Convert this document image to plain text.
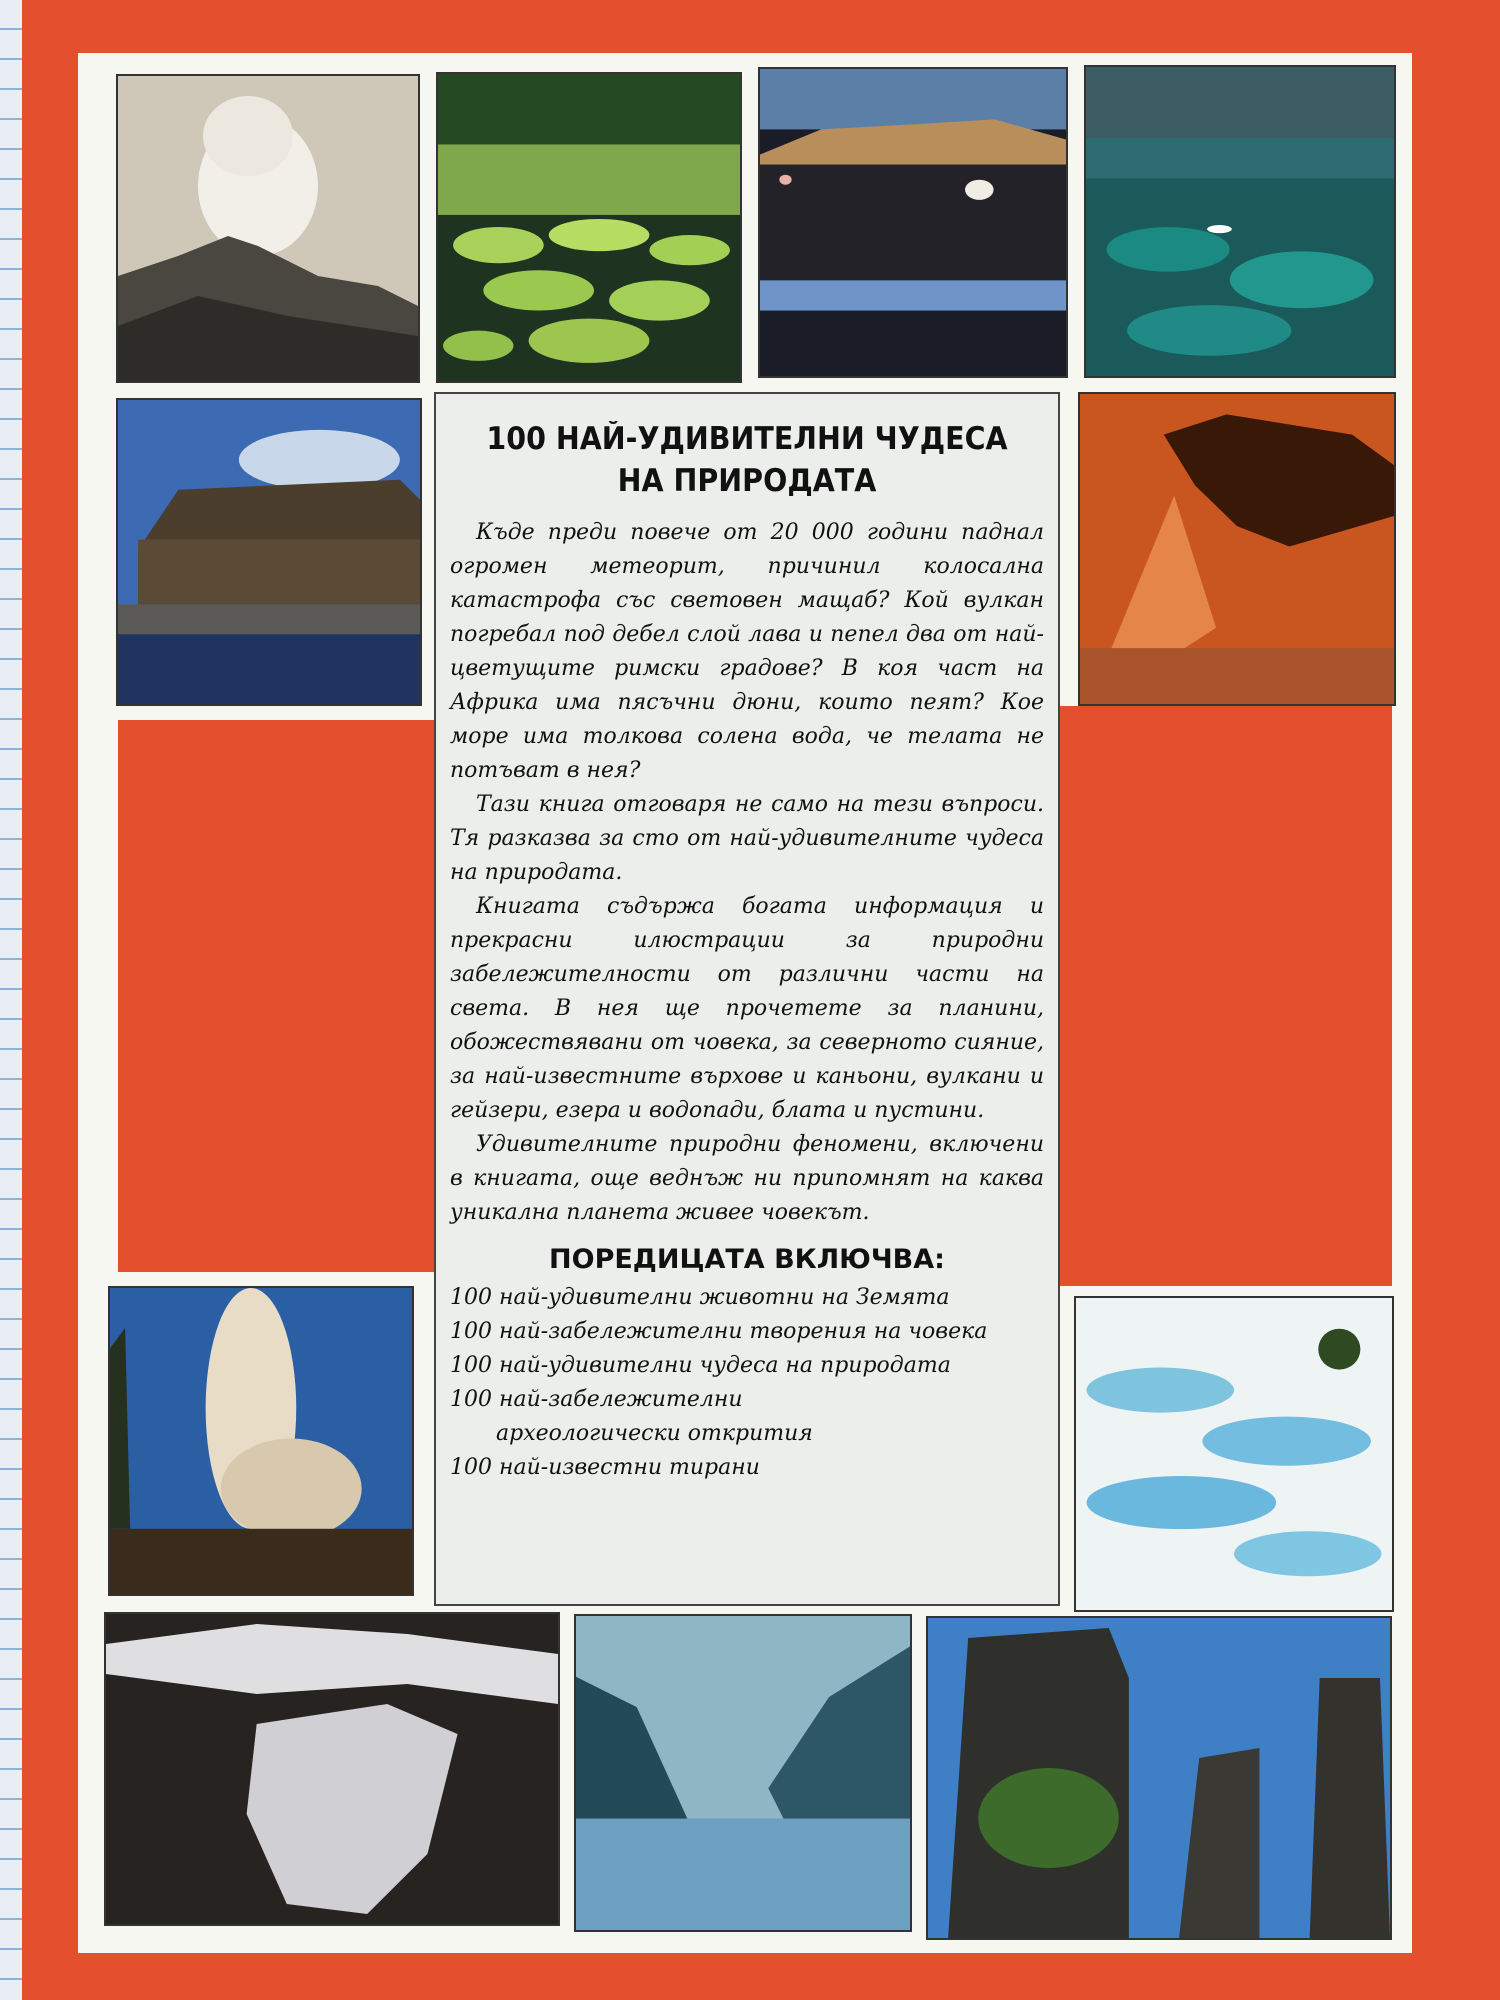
100 НАЙ-УДИВИТЕЛНИ ЧУДЕСА
НА ПРИРОДАТА

Къде преди повече от 20 000 години паднал огромен метеорит, причинил колосална катастрофа със световен мащаб? Кой вулкан погребал под дебел слой лава и пепел два от най-цветущите римски градове? В коя част на Африка има пясъчни дюни, които пеят? Кое море има толкова солена вода, че телата не потъват в нея?

Тази книга отговаря не само на тези въпроси. Тя разказва за сто от най-удивителните чудеса на природата.

Книгата съдържа богата информация и прекрасни илюстрации за природни забележителности от различни части на света. В нея ще прочетете за планини, обожествявани от човека, за северното сияние, за най-известните върхове и каньони, вулкани и гейзери, езера и водопади, блата и пустини.

Удивителните природни феномени, включени в книгата, още веднъж ни припомнят на каква уникална планета живее човекът.

ПОРЕДИЦАТА ВКЛЮЧВА:

100 най-удивителни животни на Земята

100 най-забележителни творения на човека

100 най-удивителни чудеса на природата

100 най-забележителни
археологически открития

100 най-известни тирани
